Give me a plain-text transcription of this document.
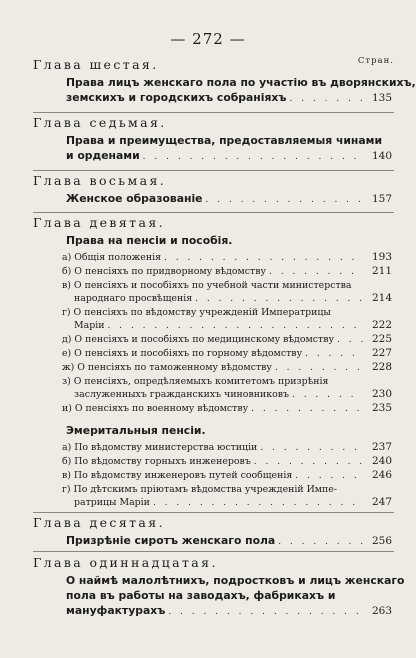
— 272 —
Стран.
Глава шестая.
Права лицъ женскаго пола по участію въ дворянскихъ,
земскихъ и городскихъ собраніяхъ . . .	135
Глава седьмая.
Права и преимущества, предоставляемыя чинами
и орденами . . .	140
Глава восьмая.
Женское образованіе . . .	157
Глава девятая.
Права на пенсіи и пособія.
а) Общія положенія . . .	193
б) О пенсіяхъ по придворному вѣдомству . . .	211
в) О пенсіяхъ и пособіяхъ по учебной части министерства
народнаго просвѣщенія . . .	214
г) О пенсіяхъ по вѣдомству учрежденій Императрицы
Маріи . . .	222
д) О пенсіяхъ и пособіяхъ по медицинскому вѣдомству . . .	225
е) О пенсіяхъ и пособіяхъ по горному вѣдомству . . .	227
ж) О пенсіяхъ по таможенному вѣдомству . . .	228
з) О пенсіяхъ, опредѣляемыхъ комитетомъ призрѣнія
заслуженныхъ гражданскихъ чиновниковъ . . .	230
и) О пенсіяхъ по военному вѣдомству . . .	235
Эмеритальныя пенсіи.
а) По вѣдомству министерства юстиціи . . .	237
б) По вѣдомству горныхъ инженеровъ . . .	240
в) По вѣдомству инженеровъ путей сообщенія . . .	246
г) По дѣтскимъ пріютамъ вѣдомства учрежденій Импе-
ратрицы Маріи . . .	247
Глава десятая.
Призрѣніе сиротъ женскаго пола . . .	256
Глава одиннадцатая.
О наймѣ малолѣтнихъ, подростковъ и лицъ женскаго
пола въ работы на заводахъ, фабрикахъ и
мануфактурахъ . . .	263
